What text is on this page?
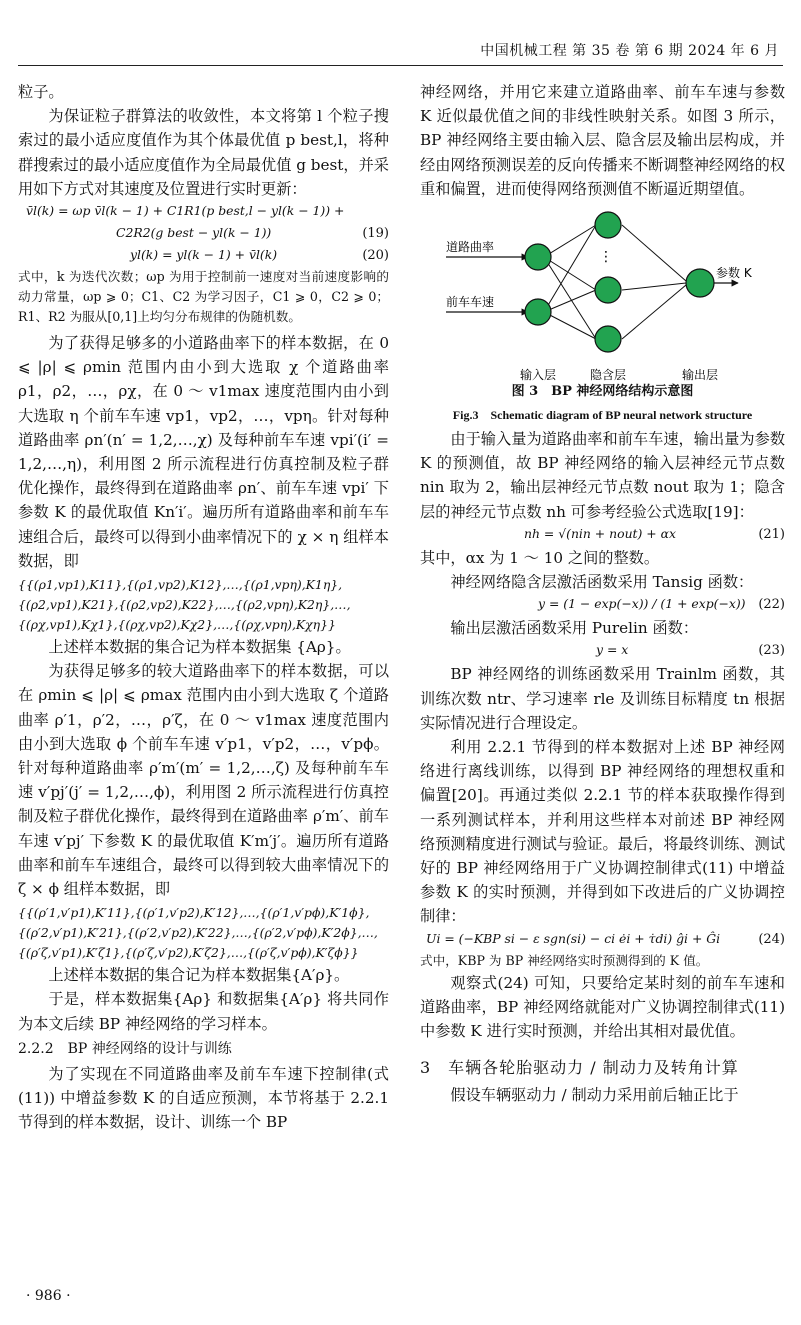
中国机械工程 第 35 卷 第 6 期 2024 年 6 月
粒子。
为保证粒子群算法的收敛性，本文将第 l 个粒子搜索过的最小适应度值作为其个体最优值 p best,l，将种群搜索过的最小适应度值作为全局最优值 g best，并采用如下方式对其速度及位置进行实时更新：
v̄l(k) = ωp v̄l(k − 1) + C1R1(p best,l − yl(k − 1)) +
C2R2(g best − yl(k − 1))	(19)
yl(k) = yl(k − 1) + v̄l(k)	(20)
式中，k 为迭代次数；ωp 为用于控制前一速度对当前速度影响的动力常量，ωp ⩾ 0；C1、C2 为学习因子，C1 ⩾ 0，C2 ⩾ 0；R1、R2 为服从[0,1]上均匀分布规律的伪随机数。
为了获得足够多的小道路曲率下的样本数据，在 0 ⩽ |ρ| ⩽ ρmin 范围内由小到大选取 χ 个道路曲率 ρ1，ρ2，…，ρχ，在 0 ～ v1max 速度范围内由小到大选取 η 个前车车速 vp1，vp2，…，vpη。针对每种道路曲率 ρn′(n′ = 1,2,…,χ) 及每种前车车速 vpi′(i′ = 1,2,…,η)，利用图 2 所示流程进行仿真控制及粒子群优化操作，最终得到在道路曲率 ρn′、前车车速 vpi′ 下参数 K 的最优取值 Kn′i′。遍历所有道路曲率和前车车速组合后，最终可以得到小曲率情况下的 χ × η 组样本数据，即
{{(ρ1,vp1),K11},{(ρ1,vp2),K12},…,{(ρ1,vpη),K1η},
{(ρ2,vp1),K21},{(ρ2,vp2),K22},…,{(ρ2,vpη),K2η},…,
{(ρχ,vp1),Kχ1},{(ρχ,vp2),Kχ2},…,{(ρχ,vpη),Kχη}}
上述样本数据的集合记为样本数据集 {Aρ}。
为获得足够多的较大道路曲率下的样本数据，可以在 ρmin ⩽ |ρ| ⩽ ρmax 范围内由小到大选取 ζ 个道路曲率 ρ′1，ρ′2，…，ρ′ζ，在 0 ～ v1max 速度范围内由小到大选取 ϕ 个前车车速 v′p1，v′p2，…，v′pϕ。针对每种道路曲率 ρ′m′(m′ = 1,2,…,ζ) 及每种前车车速 v′pj′(j′ = 1,2,…,ϕ)，利用图 2 所示流程进行仿真控制及粒子群优化操作，最终得到在道路曲率 ρ′m′、前车车速 v′pj′ 下参数 K 的最优取值 K′m′j′。遍历所有道路曲率和前车车速组合，最终可以得到较大曲率情况下的 ζ × ϕ 组样本数据，即
{{(ρ′1,v′p1),K′11},{(ρ′1,v′p2),K′12},…,{(ρ′1,v′pϕ),K′1ϕ},
{(ρ′2,v′p1),K′21},{(ρ′2,v′p2),K′22},…,{(ρ′2,v′pϕ),K′2ϕ},…,
{(ρ′ζ,v′p1),K′ζ1},{(ρ′ζ,v′p2),K′ζ2},…,{(ρ′ζ,v′pϕ),K′ζϕ}}
上述样本数据的集合记为样本数据集{A′ρ}。
于是，样本数据集{Aρ} 和数据集{A′ρ} 将共同作为本文后续 BP 神经网络的学习样本。
2.2.2　BP 神经网络的设计与训练
为了实现在不同道路曲率及前车车速下控制律(式(11)) 中增益参数 K 的自适应预测，本节将基于 2.2.1 节得到的样本数据，设计、训练一个 BP
神经网络，并用它来建立道路曲率、前车车速与参数 K 近似最优值之间的非线性映射关系。如图 3 所示，BP 神经网络主要由输入层、隐含层及输出层构成，并经由网络预测误差的反向传播来不断调整神经网络的权重和偏置，进而使得网络预测值不断逼近期望值。
⋮
道路曲率
前车车速
参数 K
输入层	隐含层	输出层
图 3　BP 神经网络结构示意图
Fig.3　Schematic diagram of BP neural network structure
由于输入量为道路曲率和前车车速，输出量为参数 K 的预测值，故 BP 神经网络的输入层神经元节点数 nin 取为 2，输出层神经元节点数 nout 取为 1；隐含层的神经元节点数 nh 可参考经验公式选取[19]：
nh = √(nin + nout) + αx	(21)
其中，αx 为 1 ～ 10 之间的整数。
神经网络隐含层激活函数采用 Tansig 函数：
y = (1 − exp(−x)) / (1 + exp(−x)) (22)
输出层激活函数采用 Purelin 函数：
y = x	(23)
BP 神经网络的训练函数采用 Trainlm 函数，其训练次数 ntr、学习速率 rle 及训练目标精度 tn 根据实际情况进行合理设定。
利用 2.2.1 节得到的样本数据对上述 BP 神经网络进行离线训练，以得到 BP 神经网络的理想权重和偏置[20]。再通过类似 2.2.1 节的样本获取操作得到一系列测试样本，并利用这些样本对前述 BP 神经网络预测精度进行测试与验证。最后，将最终训练、测试好的 BP 神经网络用于广义协调控制律式(11) 中增益参数 K 的实时预测，并得到如下改进后的广义协调控制律：
Ui = (−KBP si − ε sgn(si) − ci ėi + τ̇di) ĝi + Ĝi	(24)
式中，KBP 为 BP 神经网络实时预测得到的 K 值。
观察式(24) 可知，只要给定某时刻的前车车速和道路曲率，BP 神经网络就能对广义协调控制律式(11) 中参数 K 进行实时预测，并给出其相对最优值。
3　车辆各轮胎驱动力 / 制动力及转角计算
假设车辆驱动力 / 制动力采用前后轴正比于
· 986 ·
